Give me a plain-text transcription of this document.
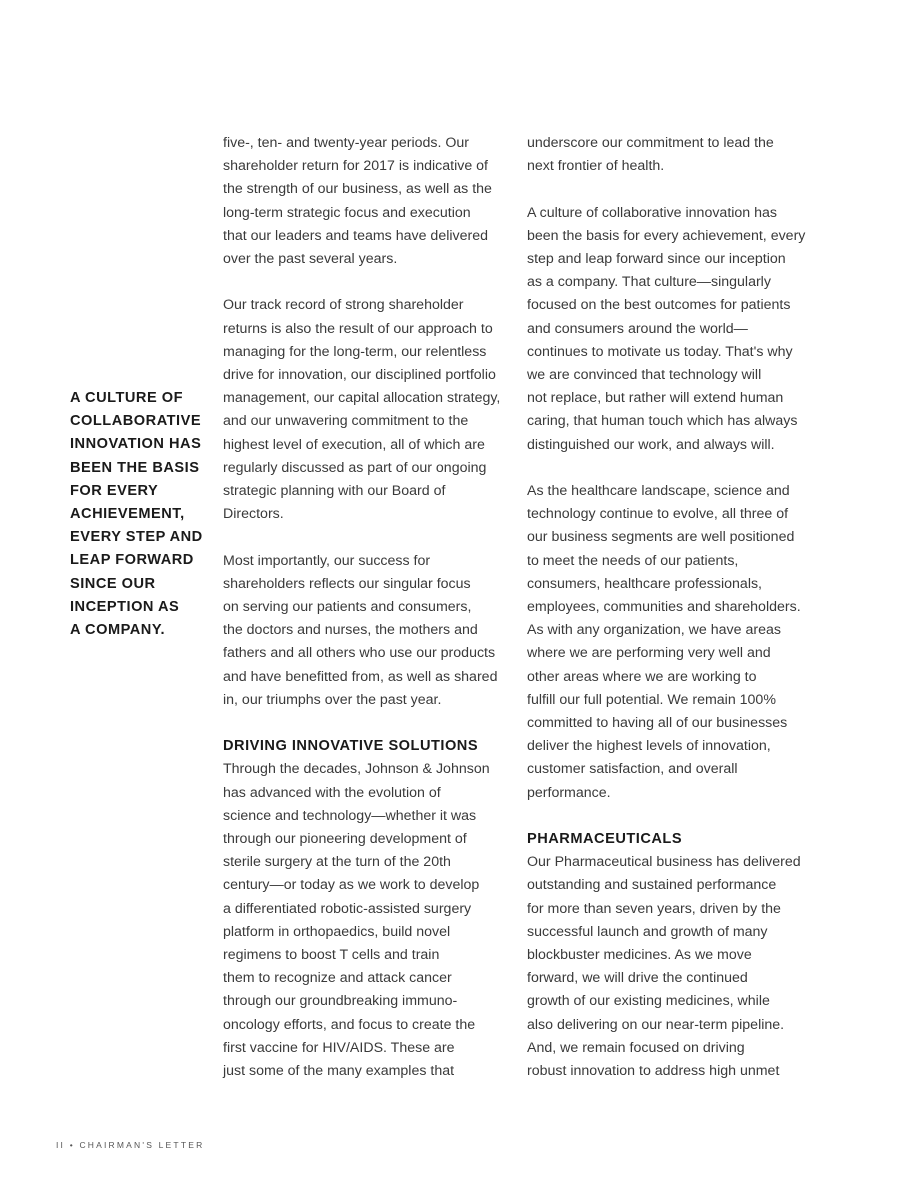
A CULTURE OF
COLLABORATIVE
INNOVATION HAS
BEEN THE BASIS
FOR EVERY
ACHIEVEMENT,
EVERY STEP AND
LEAP FORWARD
SINCE OUR
INCEPTION AS
A COMPANY.

five-, ten- and twenty-year periods. Our
shareholder return for 2017 is indicative of
the strength of our business, as well as the
long-term strategic focus and execution
that our leaders and teams have delivered
over the past several years.

Our track record of strong shareholder
returns is also the result of our approach to
managing for the long-term, our relentless
drive for innovation, our disciplined portfolio
management, our capital allocation strategy,
and our unwavering commitment to the
highest level of execution, all of which are
regularly discussed as part of our ongoing
strategic planning with our Board of
Directors.

Most importantly, our success for
shareholders reflects our singular focus
on serving our patients and consumers,
the doctors and nurses, the mothers and
fathers and all others who use our products
and have benefitted from, as well as shared
in, our triumphs over the past year.

DRIVING INNOVATIVE SOLUTIONS

Through the decades, Johnson & Johnson
has advanced with the evolution of
science and technology—whether it was
through our pioneering development of
sterile surgery at the turn of the 20th
century—or today as we work to develop
a differentiated robotic-assisted surgery
platform in orthopaedics, build novel
regimens to boost T cells and train
them to recognize and attack cancer
through our groundbreaking immuno-
oncology efforts, and focus to create the
first vaccine for HIV/AIDS. These are
just some of the many examples that

underscore our commitment to lead the
next frontier of health.

A culture of collaborative innovation has
been the basis for every achievement, every
step and leap forward since our inception
as a company. That culture—singularly
focused on the best outcomes for patients
and consumers around the world—
continues to motivate us today. That's why
we are convinced that technology will
not replace, but rather will extend human
caring, that human touch which has always
distinguished our work, and always will.

As the healthcare landscape, science and
technology continue to evolve, all three of
our business segments are well positioned
to meet the needs of our patients,
consumers, healthcare professionals,
employees, communities and shareholders.
As with any organization, we have areas
where we are performing very well and
other areas where we are working to
fulfill our full potential. We remain 100%
committed to having all of our businesses
deliver the highest levels of innovation,
customer satisfaction, and overall
performance.

PHARMACEUTICALS

Our Pharmaceutical business has delivered
outstanding and sustained performance
for more than seven years, driven by the
successful launch and growth of many
blockbuster medicines. As we move
forward, we will drive the continued
growth of our existing medicines, while
also delivering on our near-term pipeline.
And, we remain focused on driving
robust innovation to address high unmet

II • CHAIRMAN'S LETTER
